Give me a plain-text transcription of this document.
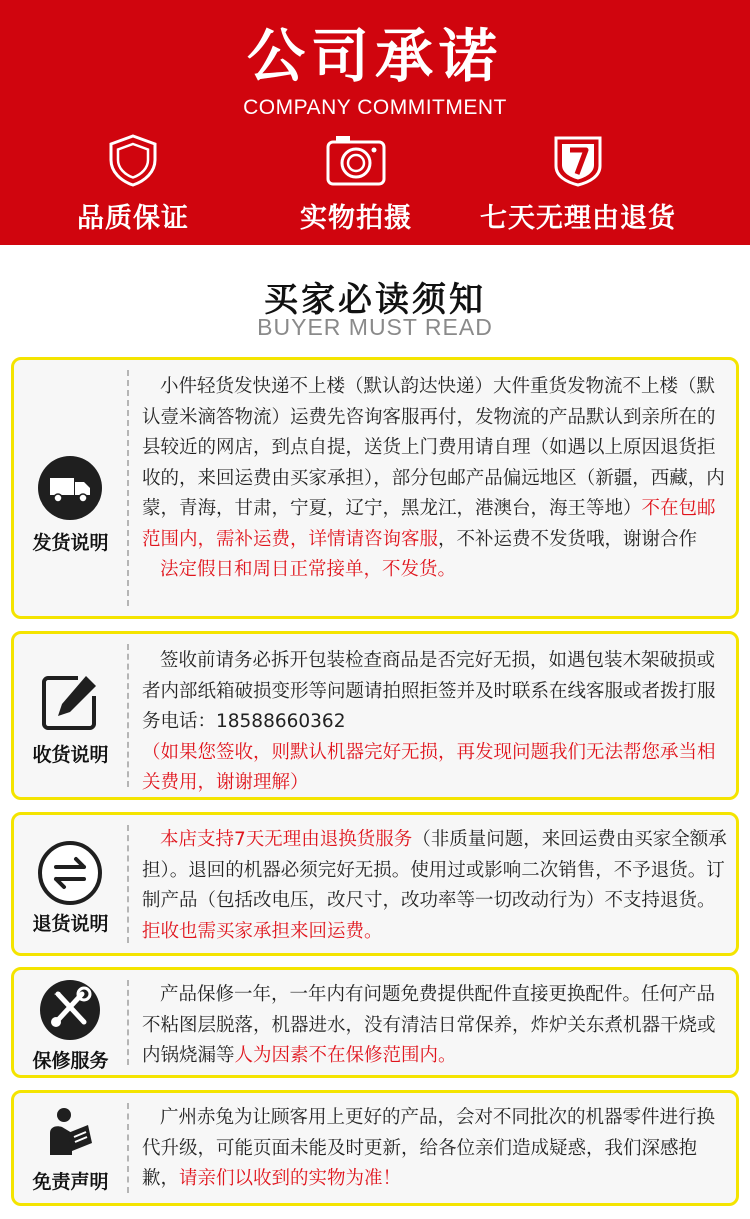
公司承诺
COMPANY COMMITMENT
品质保证	实物拍摄	七天无理由退货
买家必读须知
BUYER MUST READ
发货说明
小件轻货发快递不上楼（默认韵达快递）大件重货发物流不上楼（默认壹米滴答物流）运费先咨询客服再付，发物流的产品默认到亲所在的县较近的网店，到点自提，送货上门费用请自理（如遇以上原因退货拒收的，来回运费由买家承担），部分包邮产品偏远地区（新疆，西藏，内蒙，青海，甘肃，宁夏，辽宁，黑龙江，港澳台，海王等地）不在包邮范围内，需补运费，详情请咨询客服，不补运费不发货哦，谢谢合作
法定假日和周日正常接单，不发货。
收货说明
签收前请务必拆开包装检查商品是否完好无损，如遇包装木架破损或者内部纸箱破损变形等问题请拍照拒签并及时联系在线客服或者拨打服务电话：18588660362
（如果您签收，则默认机器完好无损，再发现问题我们无法帮您承当相关费用，谢谢理解）
退货说明
本店支持7天无理由退换货服务（非质量问题，来回运费由买家全额承担）。退回的机器必须完好无损。使用过或影响二次销售，不予退货。订制产品（包括改电压，改尺寸，改功率等一切改动行为）不支持退货。拒收也需买家承担来回运费。
保修服务
产品保修一年，一年内有问题免费提供配件直接更换配件。任何产品不粘图层脱落，机器进水，没有清洁日常保养，炸炉关东煮机器干烧或内锅烧漏等人为因素不在保修范围内。
免责声明
广州赤兔为让顾客用上更好的产品，会对不同批次的机器零件进行换代升级，可能页面未能及时更新，给各位亲们造成疑惑，我们深感抱歉，请亲们以收到的实物为准！
